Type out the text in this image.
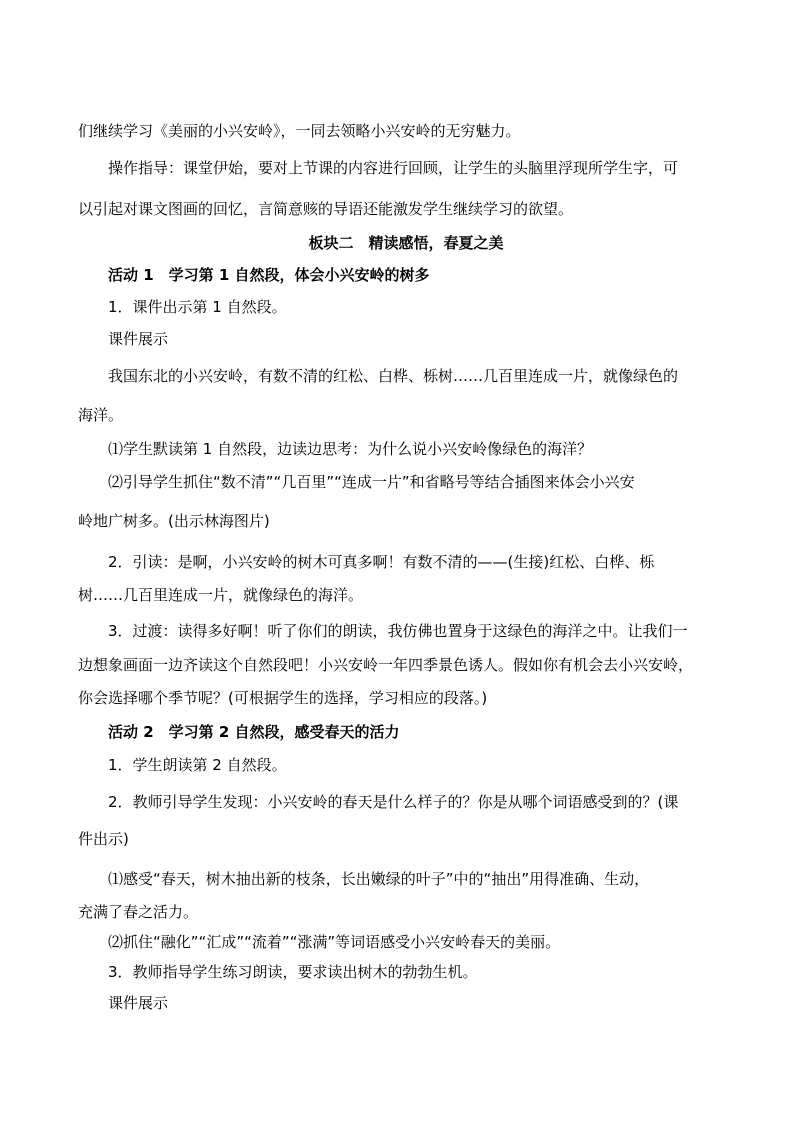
们继续学习《美丽的小兴安岭》，一同去领略小兴安岭的无穷魅力。
　　操作指导：课堂伊始，要对上节课的内容进行回顾，让学生的头脑里浮现所学生字，可
以引起对课文图画的回忆，言简意赅的导语还能激发学生继续学习的欲望。
板块二　精读感悟，春夏之美
　　活动 1　学习第 1 自然段，体会小兴安岭的树多
　　1．课件出示第 1 自然段。
　　课件展示
　　我国东北的小兴安岭，有数不清的红松、白桦、栎树……几百里连成一片，就像绿色的
海洋。
　　⑴学生默读第 1 自然段，边读边思考：为什么说小兴安岭像绿色的海洋？
　　⑵引导学生抓住“数不清”“几百里”“连成一片”和省略号等结合插图来体会小兴安
岭地广树多。(出示林海图片)
　　2．引读：是啊，小兴安岭的树木可真多啊！有数不清的——(生接)红松、白桦、栎
树……几百里连成一片，就像绿色的海洋。
　　3．过渡：读得多好啊！听了你们的朗读，我仿佛也置身于这绿色的海洋之中。让我们一
边想象画面一边齐读这个自然段吧！小兴安岭一年四季景色诱人。假如你有机会去小兴安岭，
你会选择哪个季节呢？(可根据学生的选择，学习相应的段落。)
　　活动 2　学习第 2 自然段，感受春天的活力
　　1．学生朗读第 2 自然段。
　　2．教师引导学生发现：小兴安岭的春天是什么样子的？你是从哪个词语感受到的？(课
件出示)
　　⑴感受“春天，树木抽出新的枝条，长出嫩绿的叶子”中的“抽出”用得准确、生动，
充满了春之活力。
　　⑵抓住“融化”“汇成”“流着”“涨满”等词语感受小兴安岭春天的美丽。
　　3．教师指导学生练习朗读，要求读出树木的勃勃生机。
　　课件展示
